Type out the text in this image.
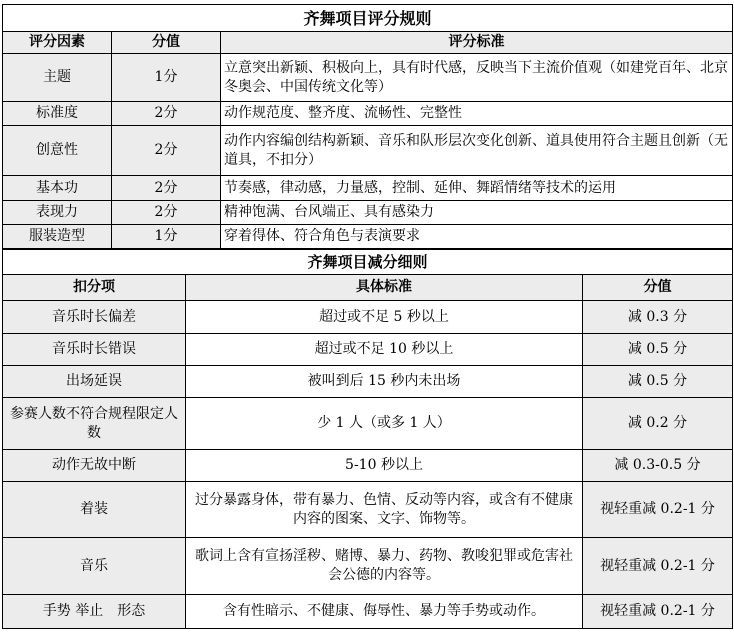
齐舞项目评分规则		
评分因素	分值	评分标准
主题	1分	立意突出新颖、积极向上，具有时代感，反映当下主流价值观（如建党百年、北京冬奥会、中国传统文化等）
标准度	2分	动作规范度、整齐度、流畅性、完整性
创意性	2分	动作内容编创结构新颖、音乐和队形层次变化创新、道具使用符合主题且创新（无道具，不扣分）
基本功	2分	节奏感，律动感，力量感，控制、延伸、舞蹈情绪等技术的运用
表现力	2分	精神饱满、台风端正、具有感染力
服装造型	1分	穿着得体、符合角色与表演要求
齐舞项目减分细则		
扣分项	具体标准	分值
音乐时长偏差	超过或不足 5 秒以上	减 0.3 分
音乐时长错误	超过或不足 10 秒以上	减 0.5 分
出场延误	被叫到后 15 秒内未出场	减 0.5 分
参赛人数不符合规程限定人数	少 1 人（或多 1 人）	减 0.2 分
动作无故中断	5-10 秒以上	减 0.3-0.5 分
着装	过分暴露身体，带有暴力、色情、反动等内容，或含有不健康内容的图案、文字、饰物等。	视轻重减 0.2-1 分
音乐	歌词上含有宣扬淫秽、赌博、暴力、药物、教唆犯罪或危害社会公德的内容等。	视轻重减 0.2-1 分
手势 举止　形态	含有性暗示、不健康、侮辱性、暴力等手势或动作。	视轻重减 0.2-1 分
